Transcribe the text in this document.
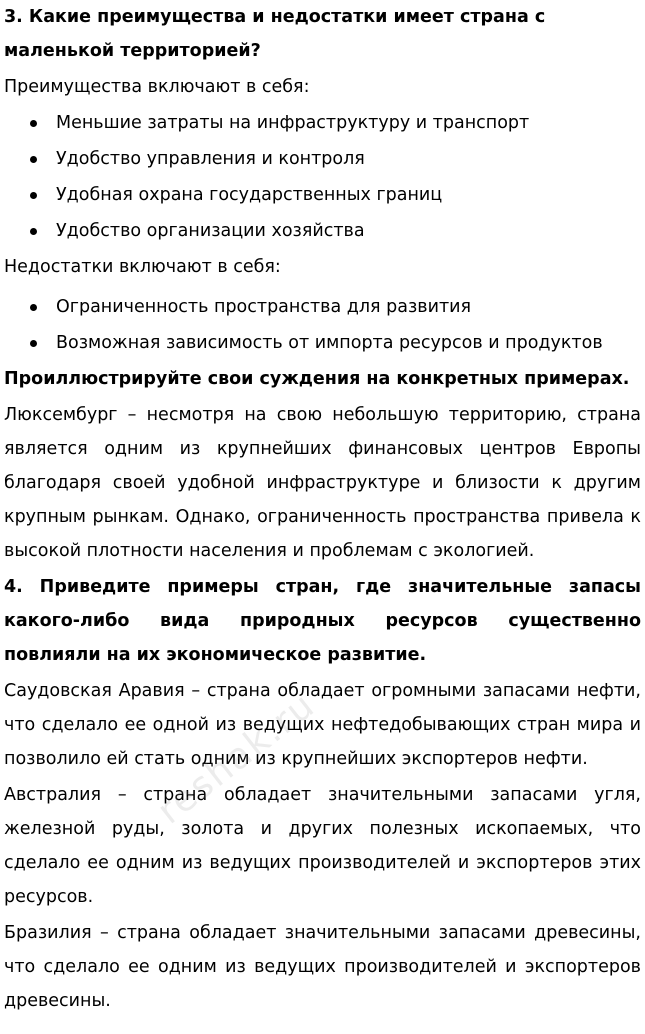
3. Какие преимущества и недостатки имеет страна с маленькой территорией?

Преимущества включают в себя:

Меньшие затраты на инфраструктуру и транспорт
Удобство управления и контроля
Удобная охрана государственных границ
Удобство организации хозяйства

Недостатки включают в себя:

Ограниченность пространства для развития
Возможная зависимость от импорта ресурсов и продуктов

Проиллюстрируйте свои суждения на конкретных примерах.

Люксембург – несмотря на свою небольшую территорию, страна является одним из крупнейших финансовых центров Европы благодаря своей удобной инфраструктуре и близости к другим крупным рынкам. Однако, ограниченность пространства привела к высокой плотности населения и проблемам с экологией.

4. Приведите примеры стран, где значительные запасы какого-либо вида природных ресурсов существенно повлияли на их экономическое развитие.

Саудовская Аравия – страна обладает огромными запасами нефти, что сделало ее одной из ведущих нефтедобывающих стран мира и позволило ей стать одним из крупнейших экспортеров нефти.

Австралия – страна обладает значительными запасами угля, железной руды, золота и других полезных ископаемых, что сделало ее одним из ведущих производителей и экспортеров этих ресурсов.

Бразилия – страна обладает значительными запасами древесины, что сделало ее одним из ведущих производителей и экспортеров древесины.

reshak.ru
